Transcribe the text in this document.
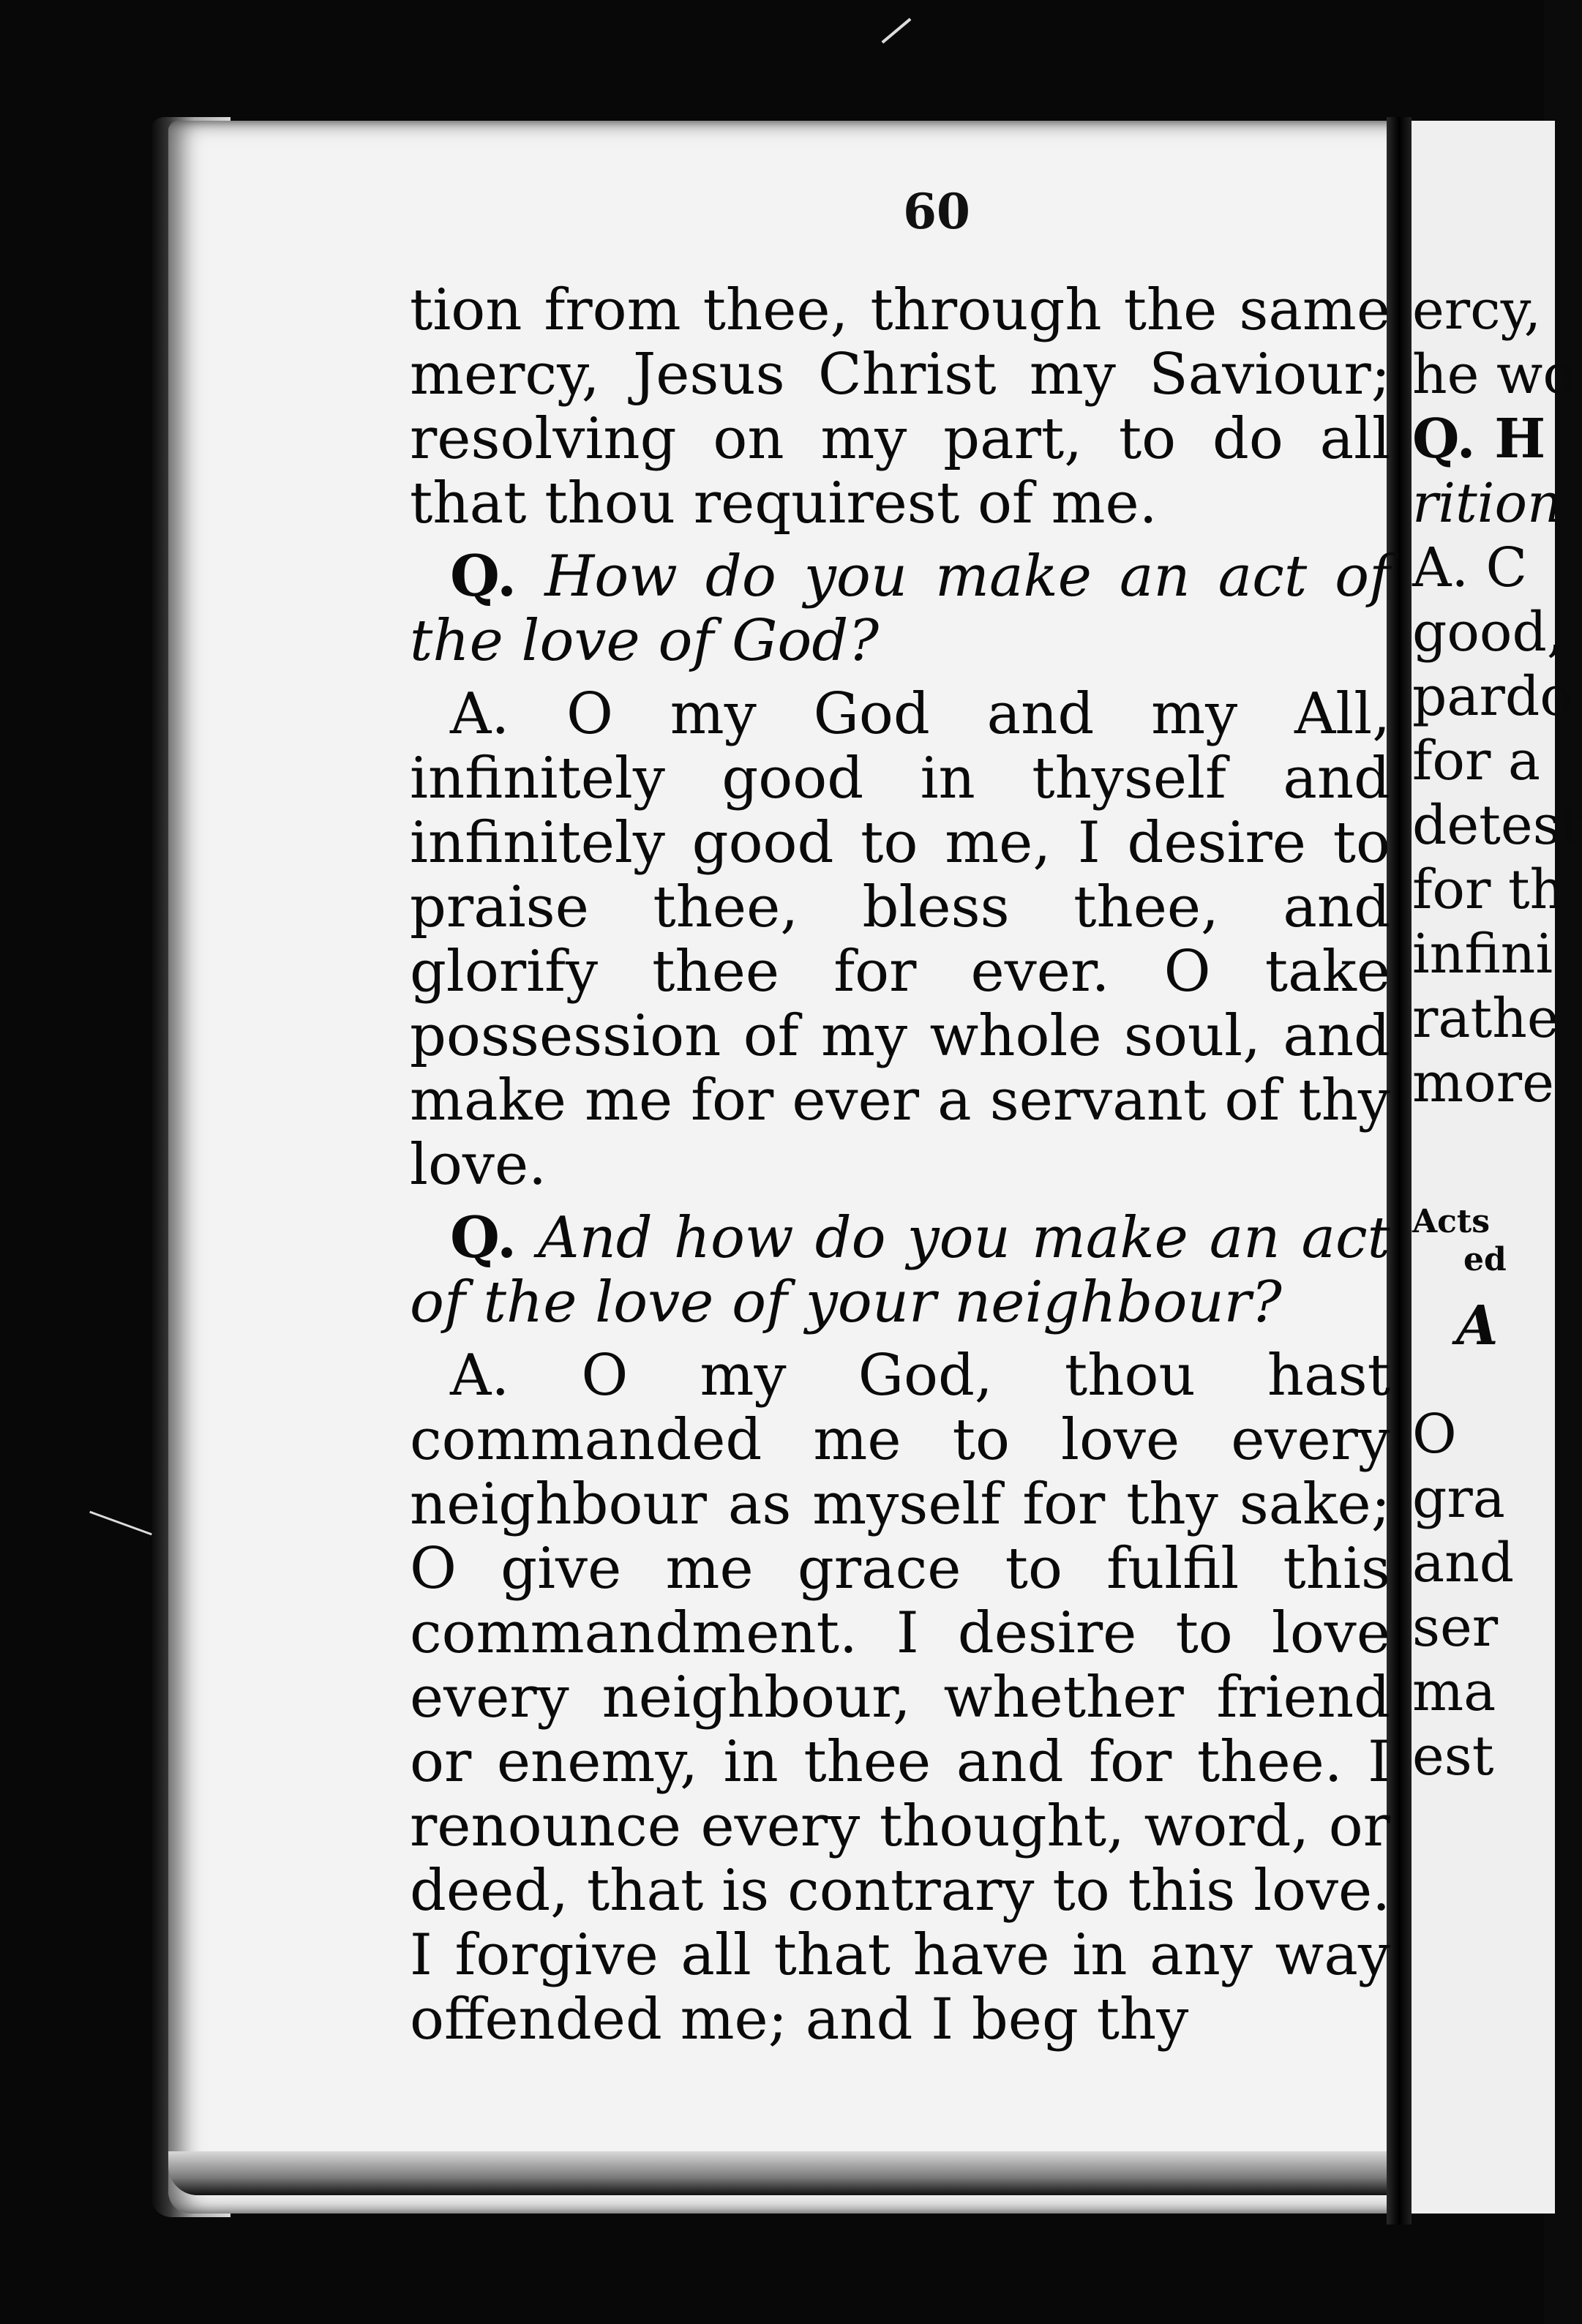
60

tion from thee, through the same mercy, Jesus Christ my Saviour; resolving on my part, to do all that thou requirest of me.

Q. How do you make an act of the love of God?

A. O my God and my All, infinitely good in thyself and infinitely good to me, I desire to praise thee, bless thee, and glorify thee for ever. O take possession of my whole soul, and make me for ever a servant of thy love.

Q. And how do you make an act of the love of your neighbour?

A. O my God, thou hast commanded me to love every neighbour as myself for thy sake; O give me grace to fulfil this commandment. I desire to love every neighbour, whether friend or enemy, in thee and for thee. I renounce every thought, word, or deed, that is contrary to this love. I forgive all that have in any way offended me; and I beg thy

ercy,
he wo
Q. H
rition
A. C
good,
pardo
for a
detest
for th
infini
rathe
more
Acts
ed
A
O
gra
and
ser
ma
est
